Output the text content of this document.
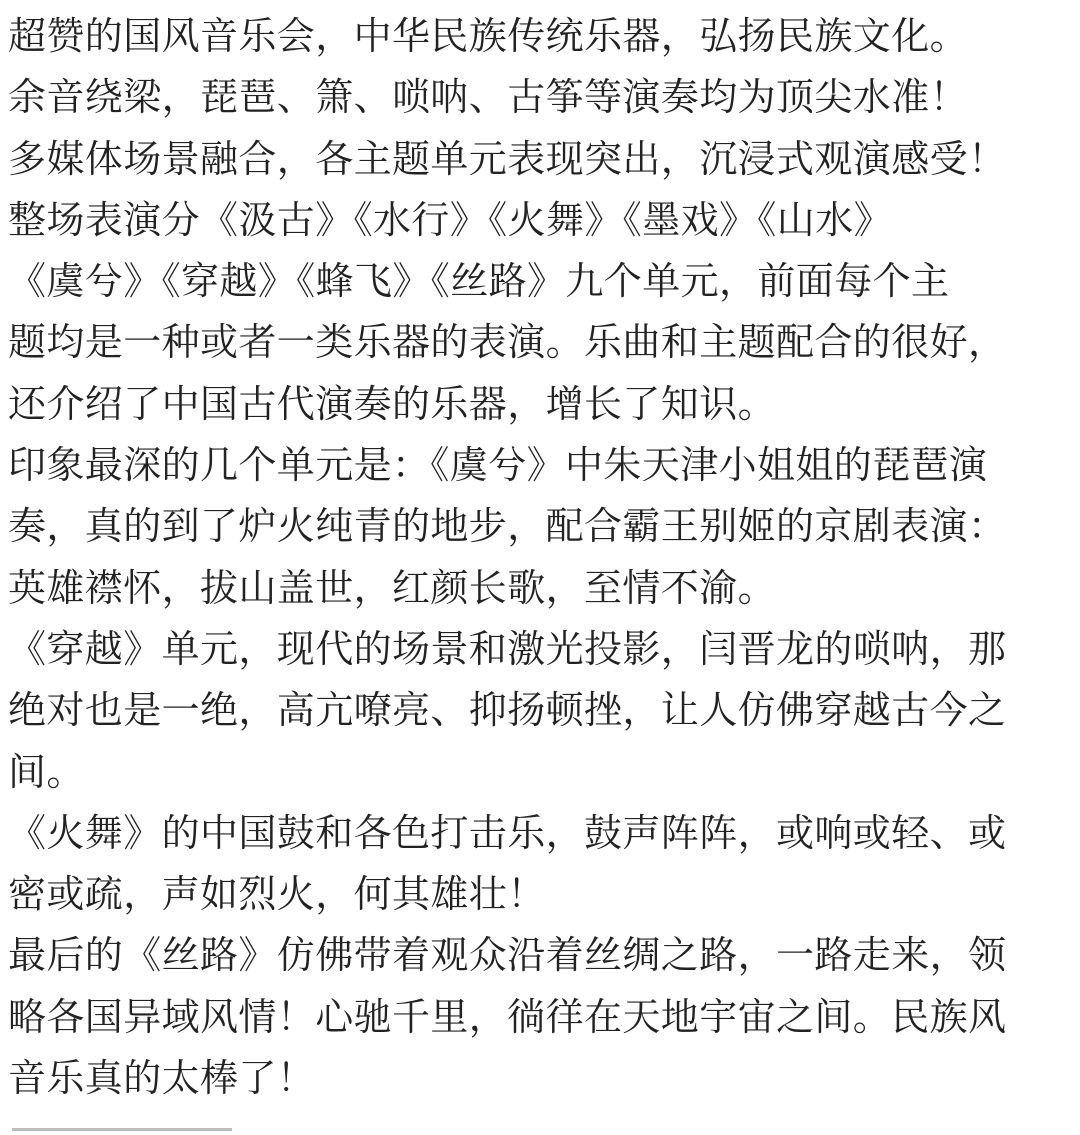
超赞的国风音乐会，中华民族传统乐器，弘扬民族文化。
余音绕梁，琵琶、箫、唢呐、古筝等演奏均为顶尖水准！
多媒体场景融合，各主题单元表现突出，沉浸式观演感受！
整场表演分《汲古》《水行》《火舞》《墨戏》《山水》
《虞兮》《穿越》《蜂飞》《丝路》九个单元，前面每个主
题均是一种或者一类乐器的表演。乐曲和主题配合的很好，
还介绍了中国古代演奏的乐器，增长了知识。
印象最深的几个单元是：《虞兮》中朱天津小姐姐的琵琶演
奏，真的到了炉火纯青的地步，配合霸王别姬的京剧表演：
英雄襟怀，拔山盖世，红颜长歌，至情不渝。
《穿越》单元，现代的场景和激光投影，闫晋龙的唢呐，那
绝对也是一绝，高亢嘹亮、抑扬顿挫，让人仿佛穿越古今之
间。
《火舞》的中国鼓和各色打击乐，鼓声阵阵，或响或轻、或
密或疏，声如烈火，何其雄壮！
最后的《丝路》仿佛带着观众沿着丝绸之路，一路走来，领
略各国异域风情！心驰千里，徜徉在天地宇宙之间。民族风
音乐真的太棒了！
